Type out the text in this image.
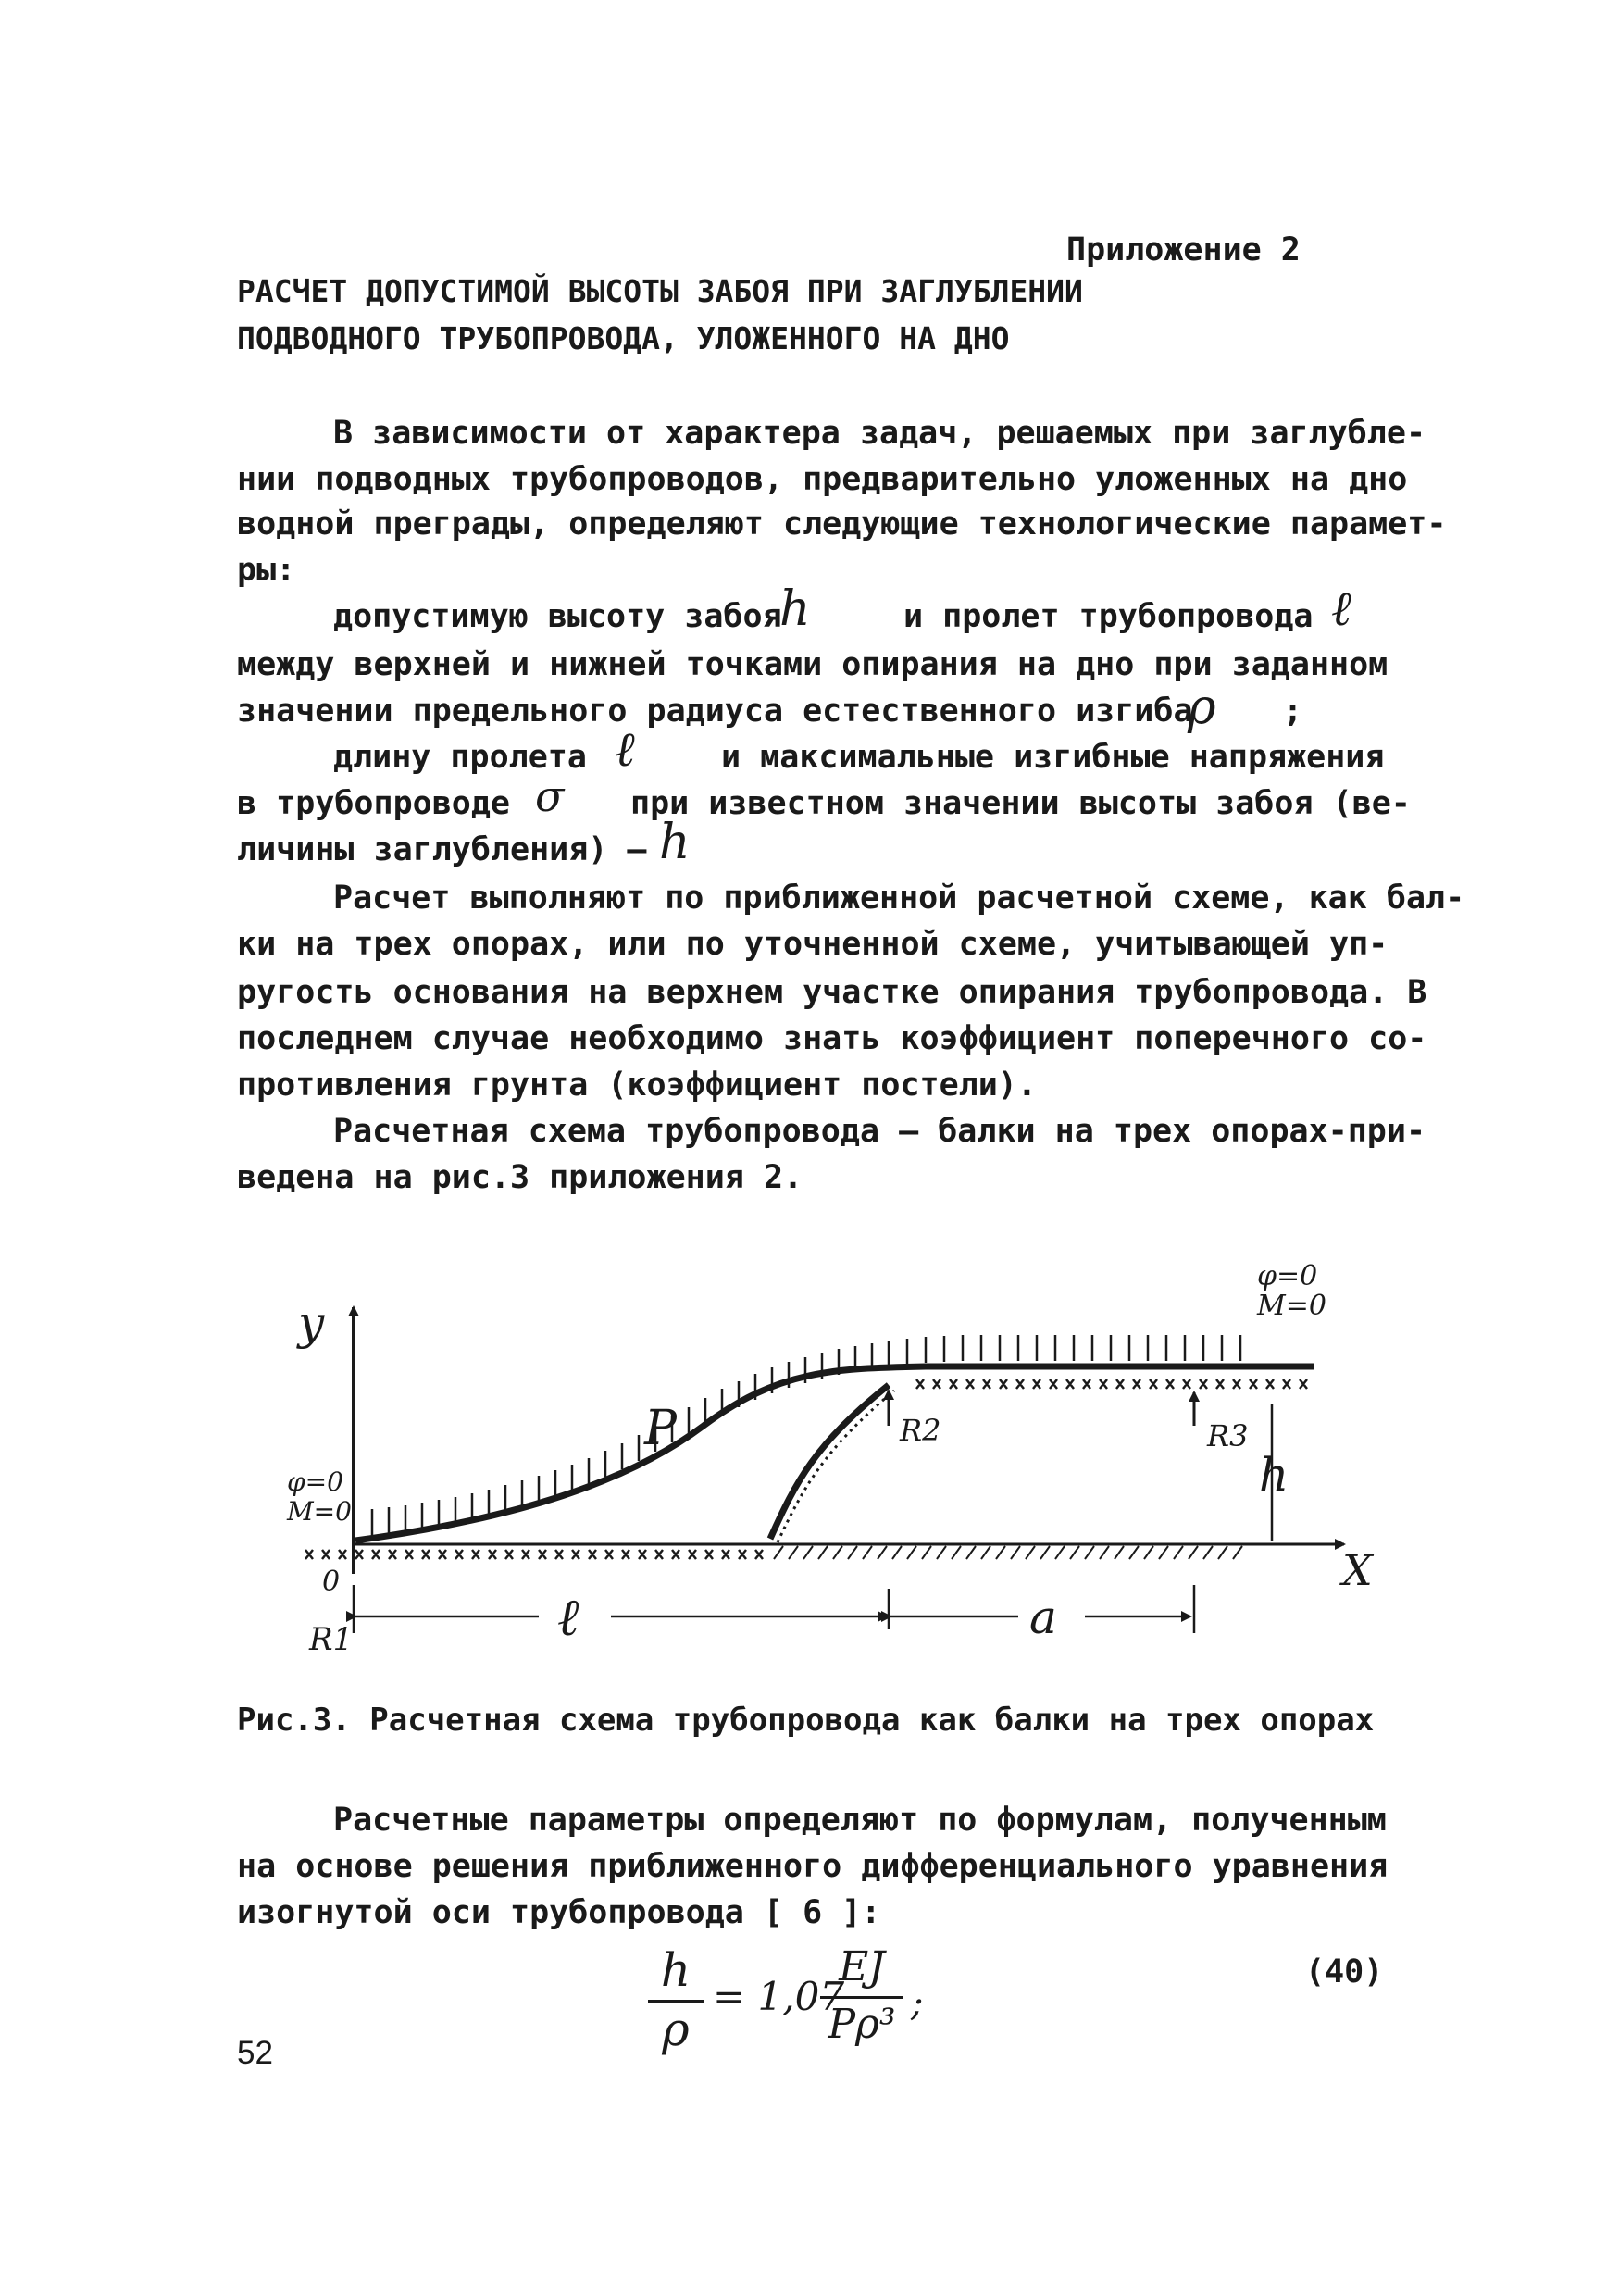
Приложение 2
РАСЧЕТ ДОПУСТИМОЙ ВЫСОТЫ ЗАБОЯ ПРИ ЗАГЛУБЛЕНИИ
ПОДВОДНОГО ТРУБОПРОВОДА, УЛОЖЕННОГО НА ДНО
В зависимости от характера задач, решаемых при заглубле-
нии подводных трубопроводов, предварительно уложенных на дно
водной преграды, определяют следующие технологические парамет-
ры:
допустимую высоту забоя
h	и пролет трубопровода ℓ
между верхней и нижней точками опирания на дно при заданном
значении предельного радиуса естественного изгиба
ρ ;
длину пролета ℓ	и максимальные изгибные напряжения
в трубопроводе σ при известном значении высоты забоя (ве-
личины заглубления) – h
Расчет выполняют по приближенной расчетной схеме, как бал-
ки на трех опорах, или по уточненной схеме, учитывающей уп-
ругость основания на верхнем участке опирания трубопровода. В
последнем случае необходимо знать коэффициент поперечного со-
противления грунта (коэффициент постели).
Расчетная схема трубопровода – балки на трех опорах-при-
ведена на рис.3 приложения 2.
y
X
0
P
R1
R2	R3
h
ℓ	a
φ=0
M=0
φ=0
M=0
Рис.3. Расчетная схема трубопровода как балки на трех опорах
Расчетные параметры определяют по формулам, полученным
на основе решения приближенного дифференциального уравнения
изогнутой оси трубопровода [ 6 ]:
h
ρ
= 1,07
EJ
Pρ³ ;
(40)
52
